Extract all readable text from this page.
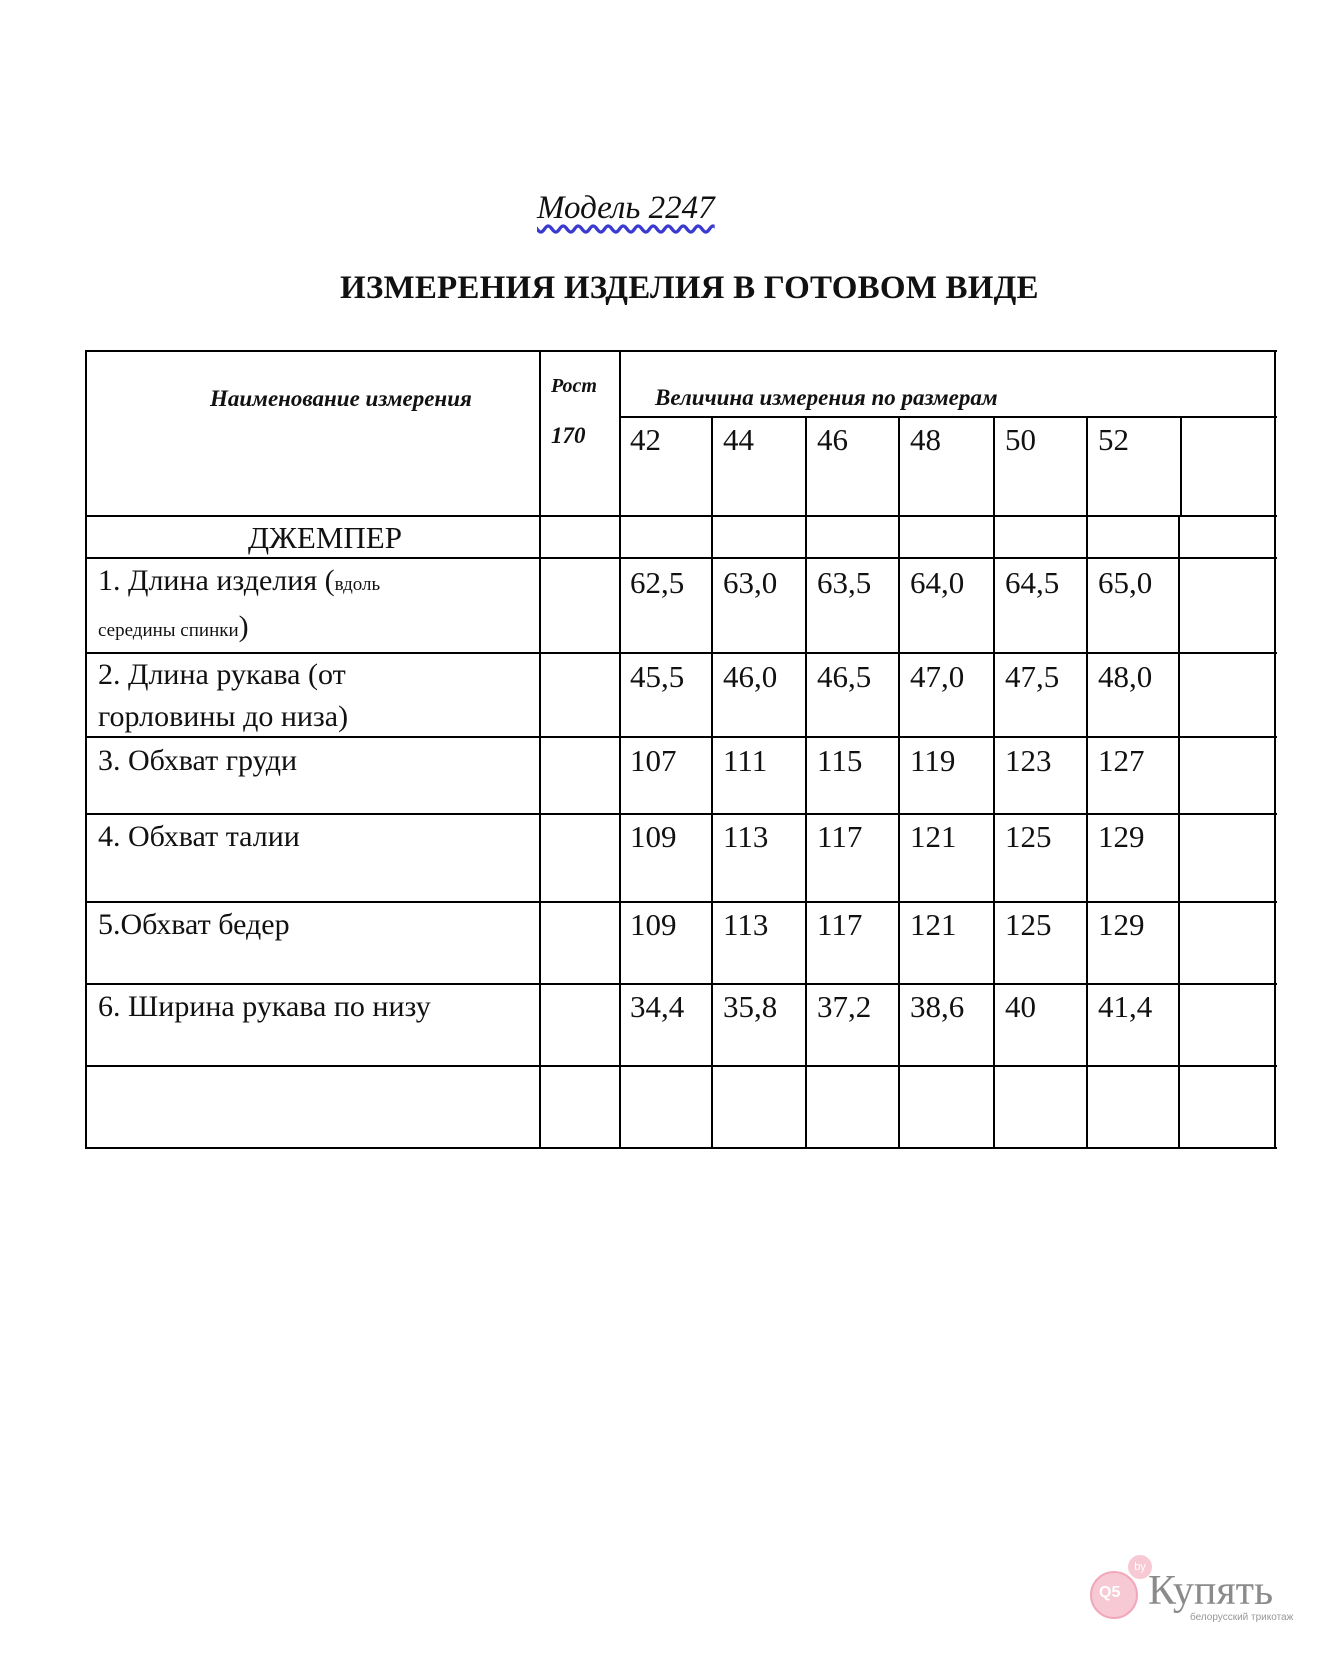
Модель 2247
ИЗМЕРЕНИЯ ИЗДЕЛИЯ В ГОТОВОМ ВИДЕ
Наименование измерения	Рост
170
Величина измерения по размерам
42 44 46 48 50 52
ДЖЕМПЕР
1. Длина изделия (вдоль
середины спинки)
62,5 63,0 63,5 64,0 64,5 65,0
2. Длина рукава (от
горловины до низа)
45,5 46,0 46,5 47,0 47,5 48,0
3. Обхват груди	107 111 115 119 123 127
4. Обхват талии	109 113 117 121 125 129
5.Обхват бедер	109 113 117 121 125 129
6. Ширина рукава по низу	34,4 35,8 37,2 38,6 40 41,4
Q5
by
Купять
белорусский трикотаж
